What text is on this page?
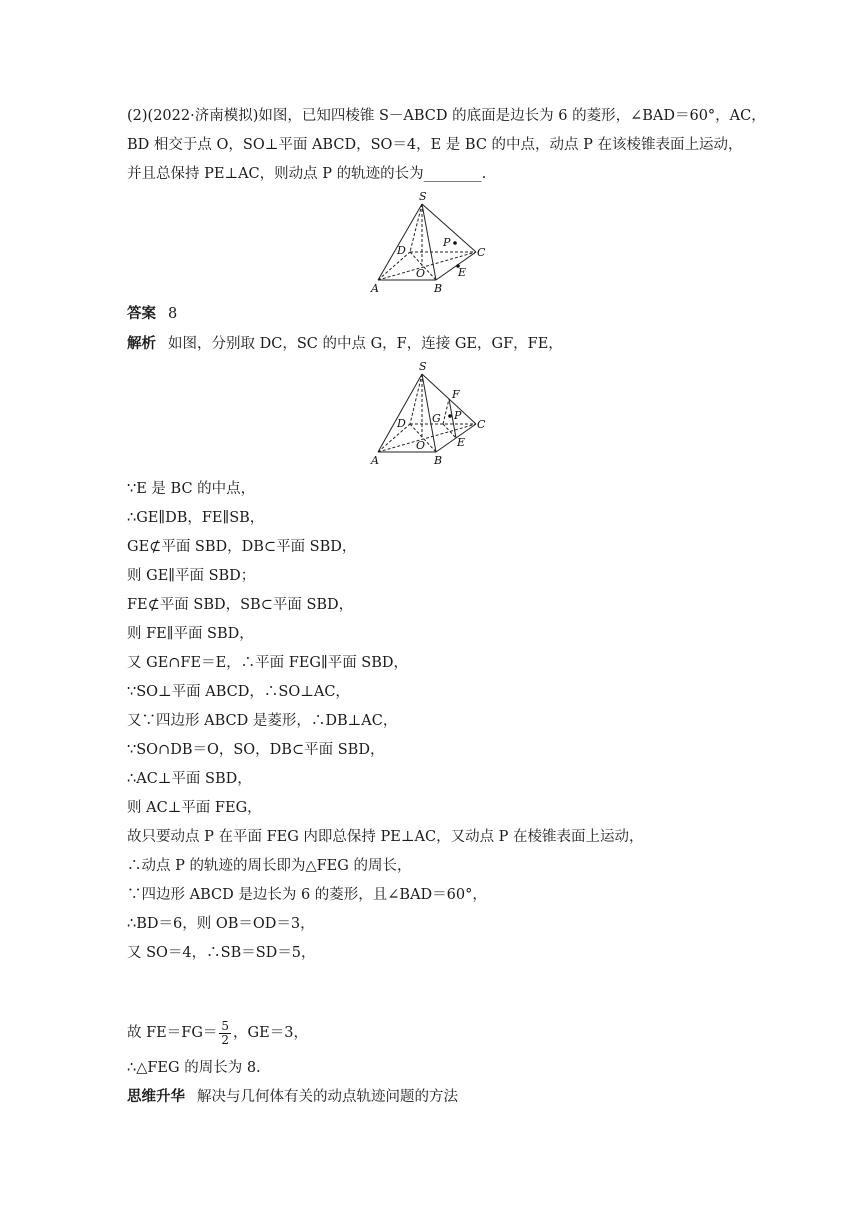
(2)(2022·济南模拟)如图，已知四棱锥 S－ABCD 的底面是边长为 6 的菱形，∠BAD＝60°，AC，
BD 相交于点 O，SO⊥平面 ABCD，SO＝4，E 是 BC 的中点，动点 P 在该棱锥表面上运动，
并且总保持 PE⊥AC，则动点 P 的轨迹的长为________.
S
D
P
C
O	E
A	B
答案 8
解析 如图，分别取 DC，SC 的中点 G，F，连接 GE，GF，FE，
S
F
G P
D	C
O	E
A	B
∵E 是 BC 的中点，
∴GE∥DB，FE∥SB，
GE⊄平面 SBD，DB⊂平面 SBD，
则 GE∥平面 SBD；
FE⊄平面 SBD，SB⊂平面 SBD，
则 FE∥平面 SBD，
又 GE∩FE＝E，∴平面 FEG∥平面 SBD，
∵SO⊥平面 ABCD，∴SO⊥AC，
又∵四边形 ABCD 是菱形，∴DB⊥AC，
∵SO∩DB＝O，SO，DB⊂平面 SBD，
∴AC⊥平面 SBD，
则 AC⊥平面 FEG，
故只要动点 P 在平面 FEG 内即总保持 PE⊥AC，又动点 P 在棱锥表面上运动，
∴动点 P 的轨迹的周长即为△FEG 的周长，
∵四边形 ABCD 是边长为 6 的菱形，且∠BAD＝60°，
∴BD＝6，则 OB＝OD＝3，
又 SO＝4，∴SB＝SD＝5，
故 $FE=FG= \frac{5}{2}$ ，GE＝3，
∴△FEG 的周长为 8.
思维升华 解决与几何体有关的动点轨迹问题的方法
